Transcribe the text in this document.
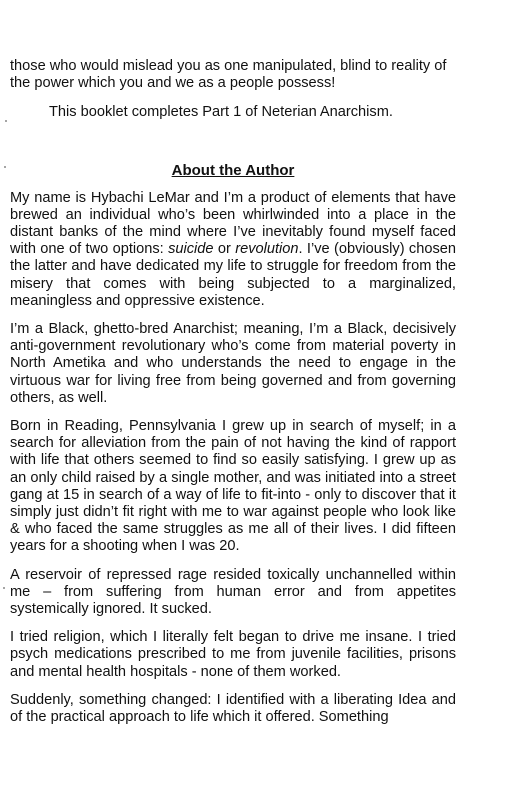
those who would mislead you as one manipulated, blind to reality of the power which you and we as a people possess!

This booklet completes Part 1 of Neterian Anarchism.

About the Author

My name is Hybachi LeMar and I’m a product of elements that have brewed an individual who’s been whirlwinded into a place in the distant banks of the mind where I’ve inevitably found myself faced with one of two options: suicide or revolution. I’ve (obviously) chosen the latter and have dedicated my life to struggle for freedom from the misery that comes with being subjected to a marginalized, meaningless and oppressive existence.

I’m a Black, ghetto-bred Anarchist; meaning, I’m a Black, decisively anti-government revolutionary who’s come from material poverty in North Ametika and who understands the need to engage in the virtuous war for living free from being governed and from governing others, as well.

Born in Reading, Pennsylvania I grew up in search of myself; in a search for alleviation from the pain of not having the kind of rapport with life that others seemed to find so easily satisfying. I grew up as an only child raised by a single mother, and was initiated into a street gang at 15 in search of a way of life to fit-into - only to discover that it simply just didn’t fit right with me to war against people who look like & who faced the same struggles as me all of their lives. I did fifteen years for a shooting when I was 20.

A reservoir of repressed rage resided toxically unchannelled within me – from suffering from human error and from appetites systemically ignored. It sucked.

I tried religion, which I literally felt began to drive me insane. I tried psych medications prescribed to me from juvenile facilities, prisons and mental health hospitals - none of them worked.

Suddenly, something changed: I identified with a liberating Idea and of the practical approach to life which it offered. Something
